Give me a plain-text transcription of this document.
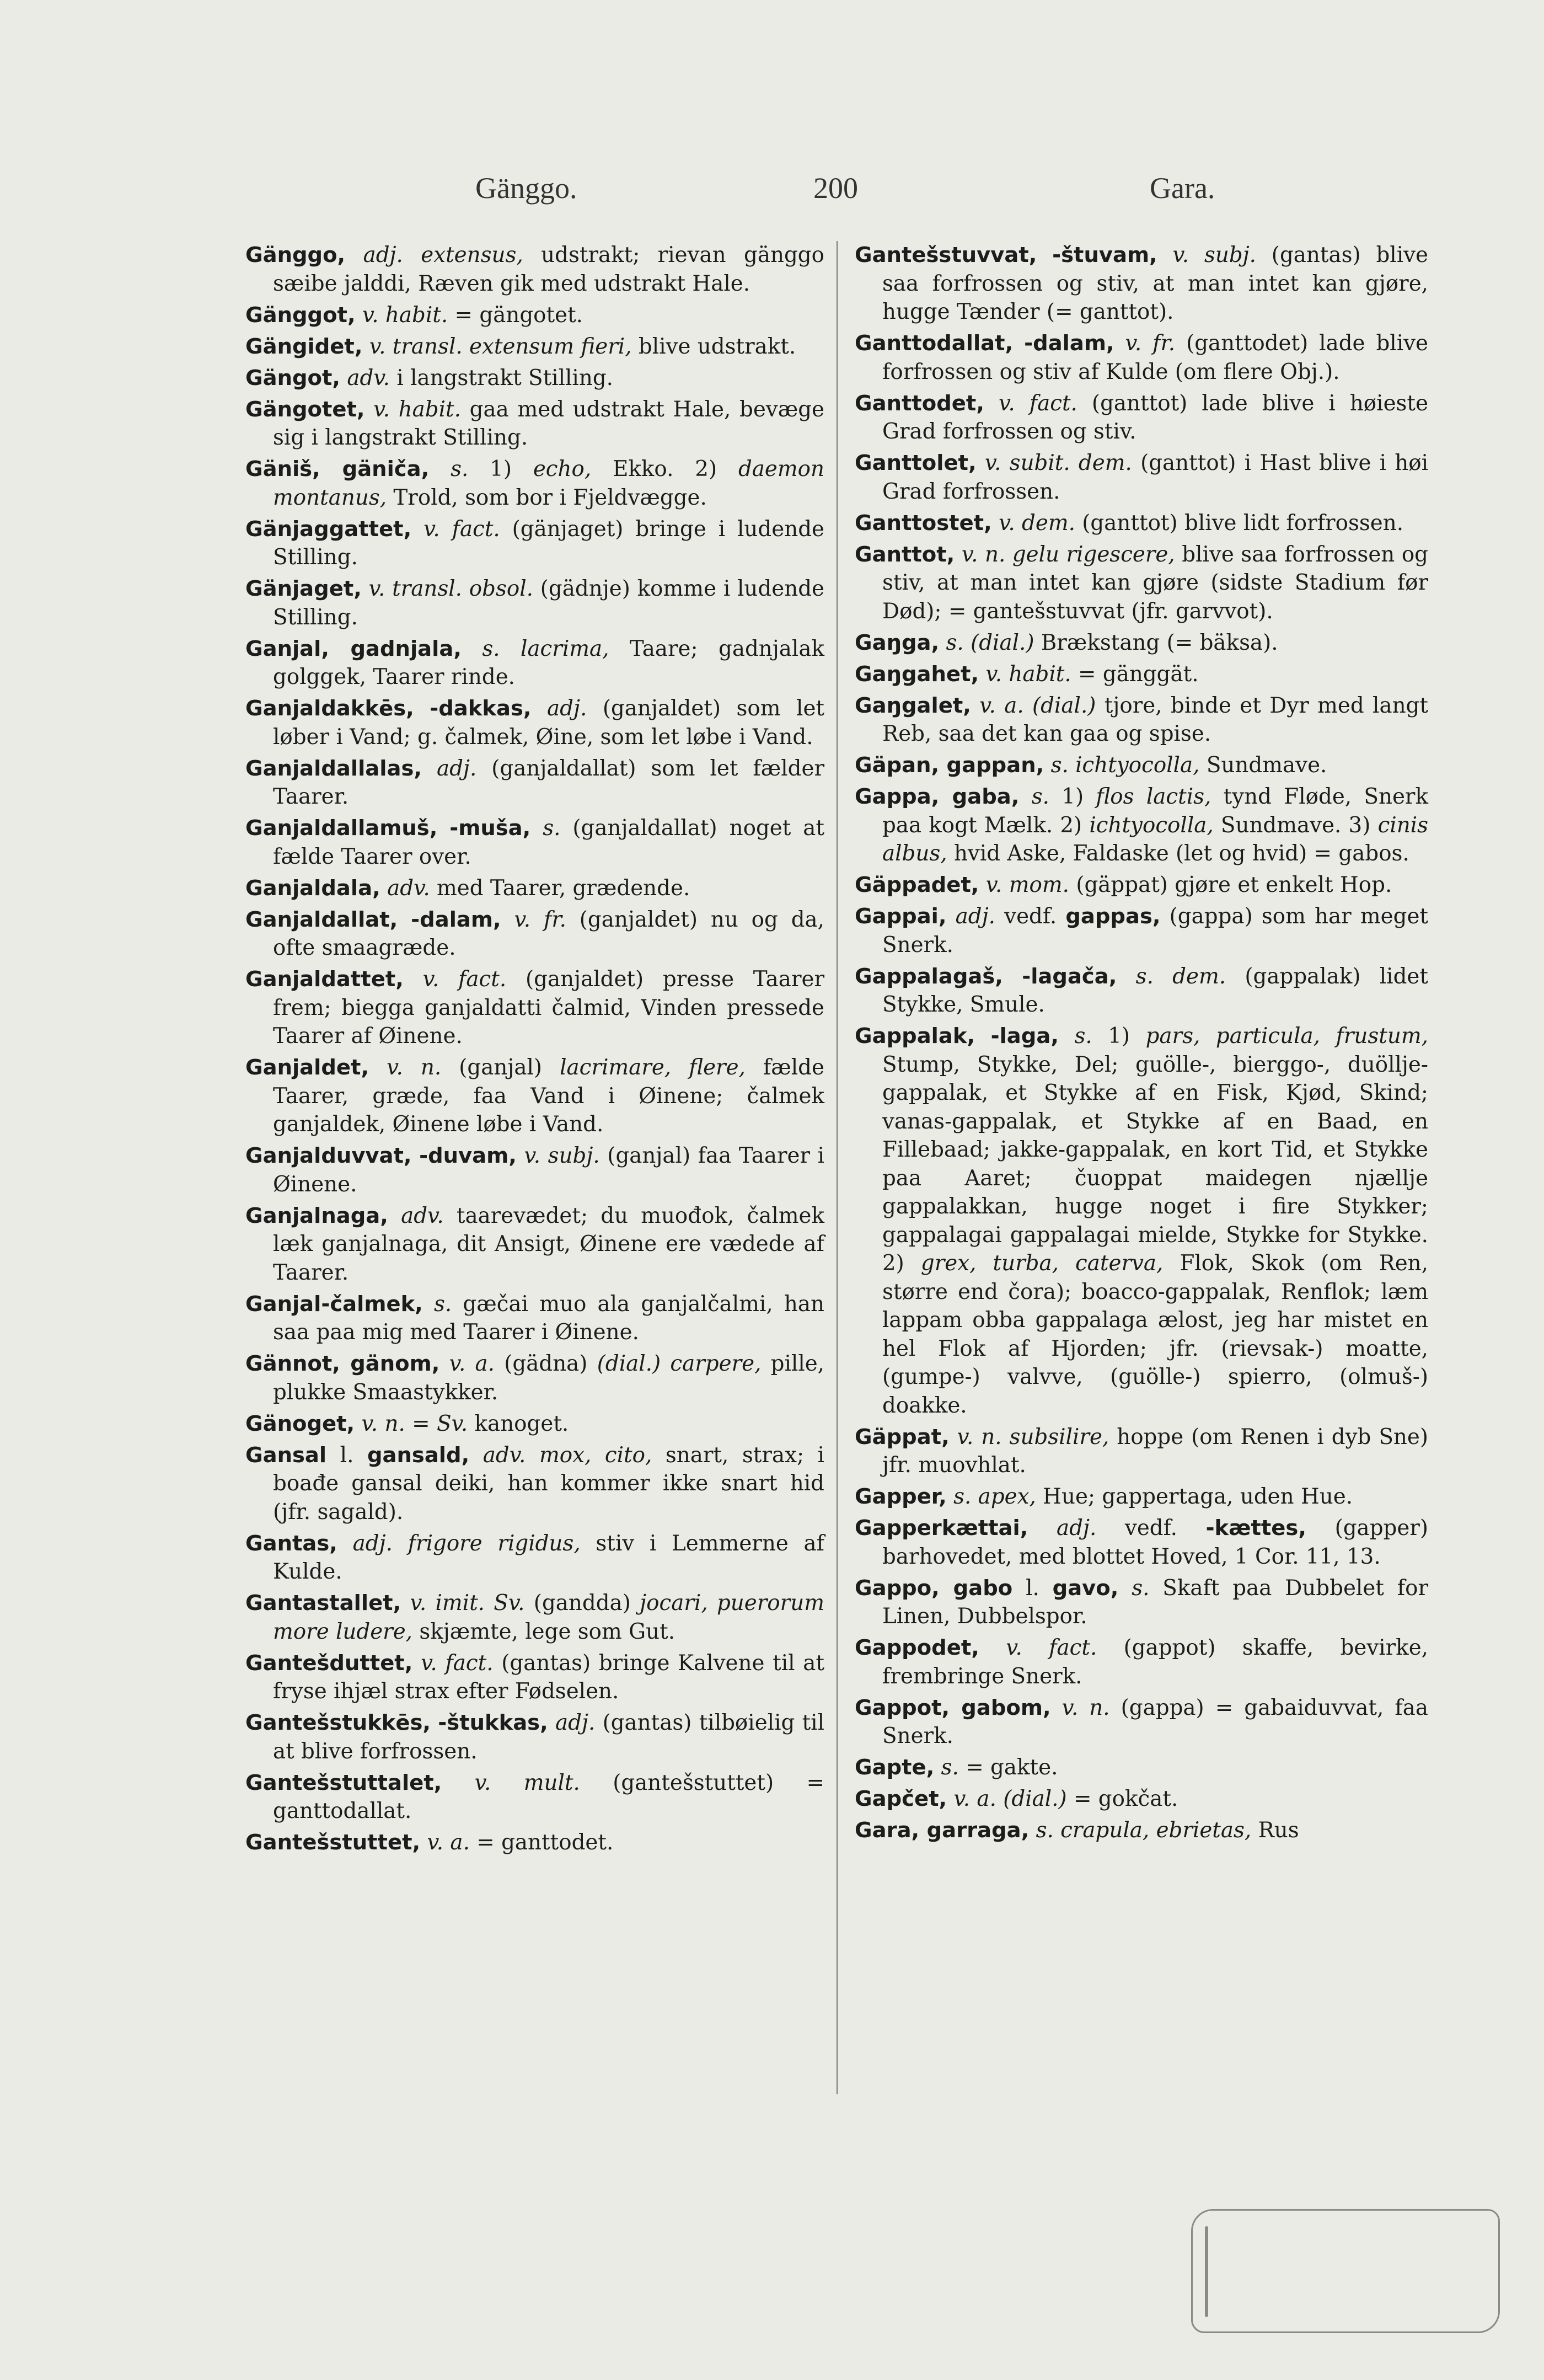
Gänggo.	200	Gara.

Gänggo, adj. extensus, udstrakt; rievan gänggo sæibe jalddi, Ræven gik med udstrakt Hale.

Gänggot, v. habit. = gängotet.

Gängidet, v. transl. extensum fieri, blive udstrakt.

Gängot, adv. i langstrakt Stilling.

Gängotet, v. habit. gaa med udstrakt Hale, bevæge sig i langstrakt Stilling.

Gäniš, gäniča, s. 1) echo, Ekko. 2) daemon montanus, Trold, som bor i Fjeldvægge.

Gänjaggattet, v. fact. (gänjaget) bringe i ludende Stilling.

Gänjaget, v. transl. obsol. (gädnje) komme i ludende Stilling.

Ganjal, gadnjala, s. lacrima, Taare; gadnjalak golggek, Taarer rinde.

Ganjaldakkēs, -dakkas, adj. (ganjaldet) som let løber i Vand; g. čalmek, Øine, som let løbe i Vand.

Ganjaldallalas, adj. (ganjaldallat) som let fælder Taarer.

Ganjaldallamuš, -muša, s. (ganjaldallat) noget at fælde Taarer over.

Ganjaldala, adv. med Taarer, grædende.

Ganjaldallat, -dalam, v. fr. (ganjaldet) nu og da, ofte smaagræde.

Ganjaldattet, v. fact. (ganjaldet) presse Taarer frem; biegga ganjaldatti čalmid, Vinden pressede Taarer af Øinene.

Ganjaldet, v. n. (ganjal) lacrimare, flere, fælde Taarer, græde, faa Vand i Øinene; čalmek ganjaldek, Øinene løbe i Vand.

Ganjalduvvat, -duvam, v. subj. (ganjal) faa Taarer i Øinene.

Ganjalnaga, adv. taarevædet; du muođok, čalmek læk ganjalnaga, dit Ansigt, Øinene ere vædede af Taarer.

Ganjal-čalmek, s. gæčai muo ala ganjalčalmi, han saa paa mig med Taarer i Øinene.

Gännot, gänom, v. a. (gädna) (dial.) carpere, pille, plukke Smaastykker.

Gänoget, v. n. = Sv. kanoget.

Gansal l. gansald, adv. mox, cito, snart, strax; i boađe gansal deiki, han kommer ikke snart hid (jfr. sagald).

Gantas, adj. frigore rigidus, stiv i Lemmerne af Kulde.

Gantastallet, v. imit. Sv. (gandda) jocari, puerorum more ludere, skjæmte, lege som Gut.

Gantešduttet, v. fact. (gantas) bringe Kalvene til at fryse ihjæl strax efter Fødselen.

Gantešstukkēs, -štukkas, adj. (gantas) tilbøielig til at blive forfrossen.

Gantešstuttalet, v. mult. (gantešstuttet) = ganttodallat.

Gantešstuttet, v. a. = ganttodet.

Gantešstuvvat, -štuvam, v. subj. (gantas) blive saa forfrossen og stiv, at man intet kan gjøre, hugge Tænder (= ganttot).

Ganttodallat, -dalam, v. fr. (ganttodet) lade blive forfrossen og stiv af Kulde (om flere Obj.).

Ganttodet, v. fact. (ganttot) lade blive i høieste Grad forfrossen og stiv.

Ganttolet, v. subit. dem. (ganttot) i Hast blive i høi Grad forfrossen.

Ganttostet, v. dem. (ganttot) blive lidt forfrossen.

Ganttot, v. n. gelu rigescere, blive saa forfrossen og stiv, at man intet kan gjøre (sidste Stadium før Død); = gantešstuvvat (jfr. garvvot).

Gaŋga, s. (dial.) Brækstang (= bäksa).

Gaŋgahet, v. habit. = gänggät.

Gaŋgalet, v. a. (dial.) tjore, binde et Dyr med langt Reb, saa det kan gaa og spise.

Gäpan, gappan, s. ichtyocolla, Sundmave.

Gappa, gaba, s. 1) flos lactis, tynd Fløde, Snerk paa kogt Mælk. 2) ichtyocolla, Sundmave. 3) cinis albus, hvid Aske, Faldaske (let og hvid) = gabos.

Gäppadet, v. mom. (gäppat) gjøre et enkelt Hop.

Gappai, adj. vedf. gappas, (gappa) som har meget Snerk.

Gappalagaš, -lagača, s. dem. (gappalak) lidet Stykke, Smule.

Gappalak, -laga, s. 1) pars, particula, frustum, Stump, Stykke, Del; guölle-, bierggo-, duöllje-gappalak, et Stykke af en Fisk, Kjød, Skind; vanas-gappalak, et Stykke af en Baad, en Fillebaad; jakke-gappalak, en kort Tid, et Stykke paa Aaret; čuoppat maidegen njællje gappalakkan, hugge noget i fire Stykker; gappalagai gappalagai mielde, Stykke for Stykke. 2) grex, turba, caterva, Flok, Skok (om Ren, større end čora); boacco-gappalak, Renflok; læm lappam obba gappalaga ælost, jeg har mistet en hel Flok af Hjorden; jfr. (rievsak-) moatte, (gumpe-) valvve, (guölle-) spierro, (olmuš-) doakke.

Gäppat, v. n. subsilire, hoppe (om Renen i dyb Sne) jfr. muovhlat.

Gapper, s. apex, Hue; gappertaga, uden Hue.

Gapperkættai, adj. vedf. -kættes, (gapper) barhovedet, med blottet Hoved, 1 Cor. 11, 13.

Gappo, gabo l. gavo, s. Skaft paa Dubbelet for Linen, Dubbelspor.

Gappodet, v. fact. (gappot) skaffe, bevirke, frembringe Snerk.

Gappot, gabom, v. n. (gappa) = gabaiduvvat, faa Snerk.

Gapte, s. = gakte.

Gapčet, v. a. (dial.) = gokčat.

Gara, garraga, s. crapula, ebrietas, Rus
